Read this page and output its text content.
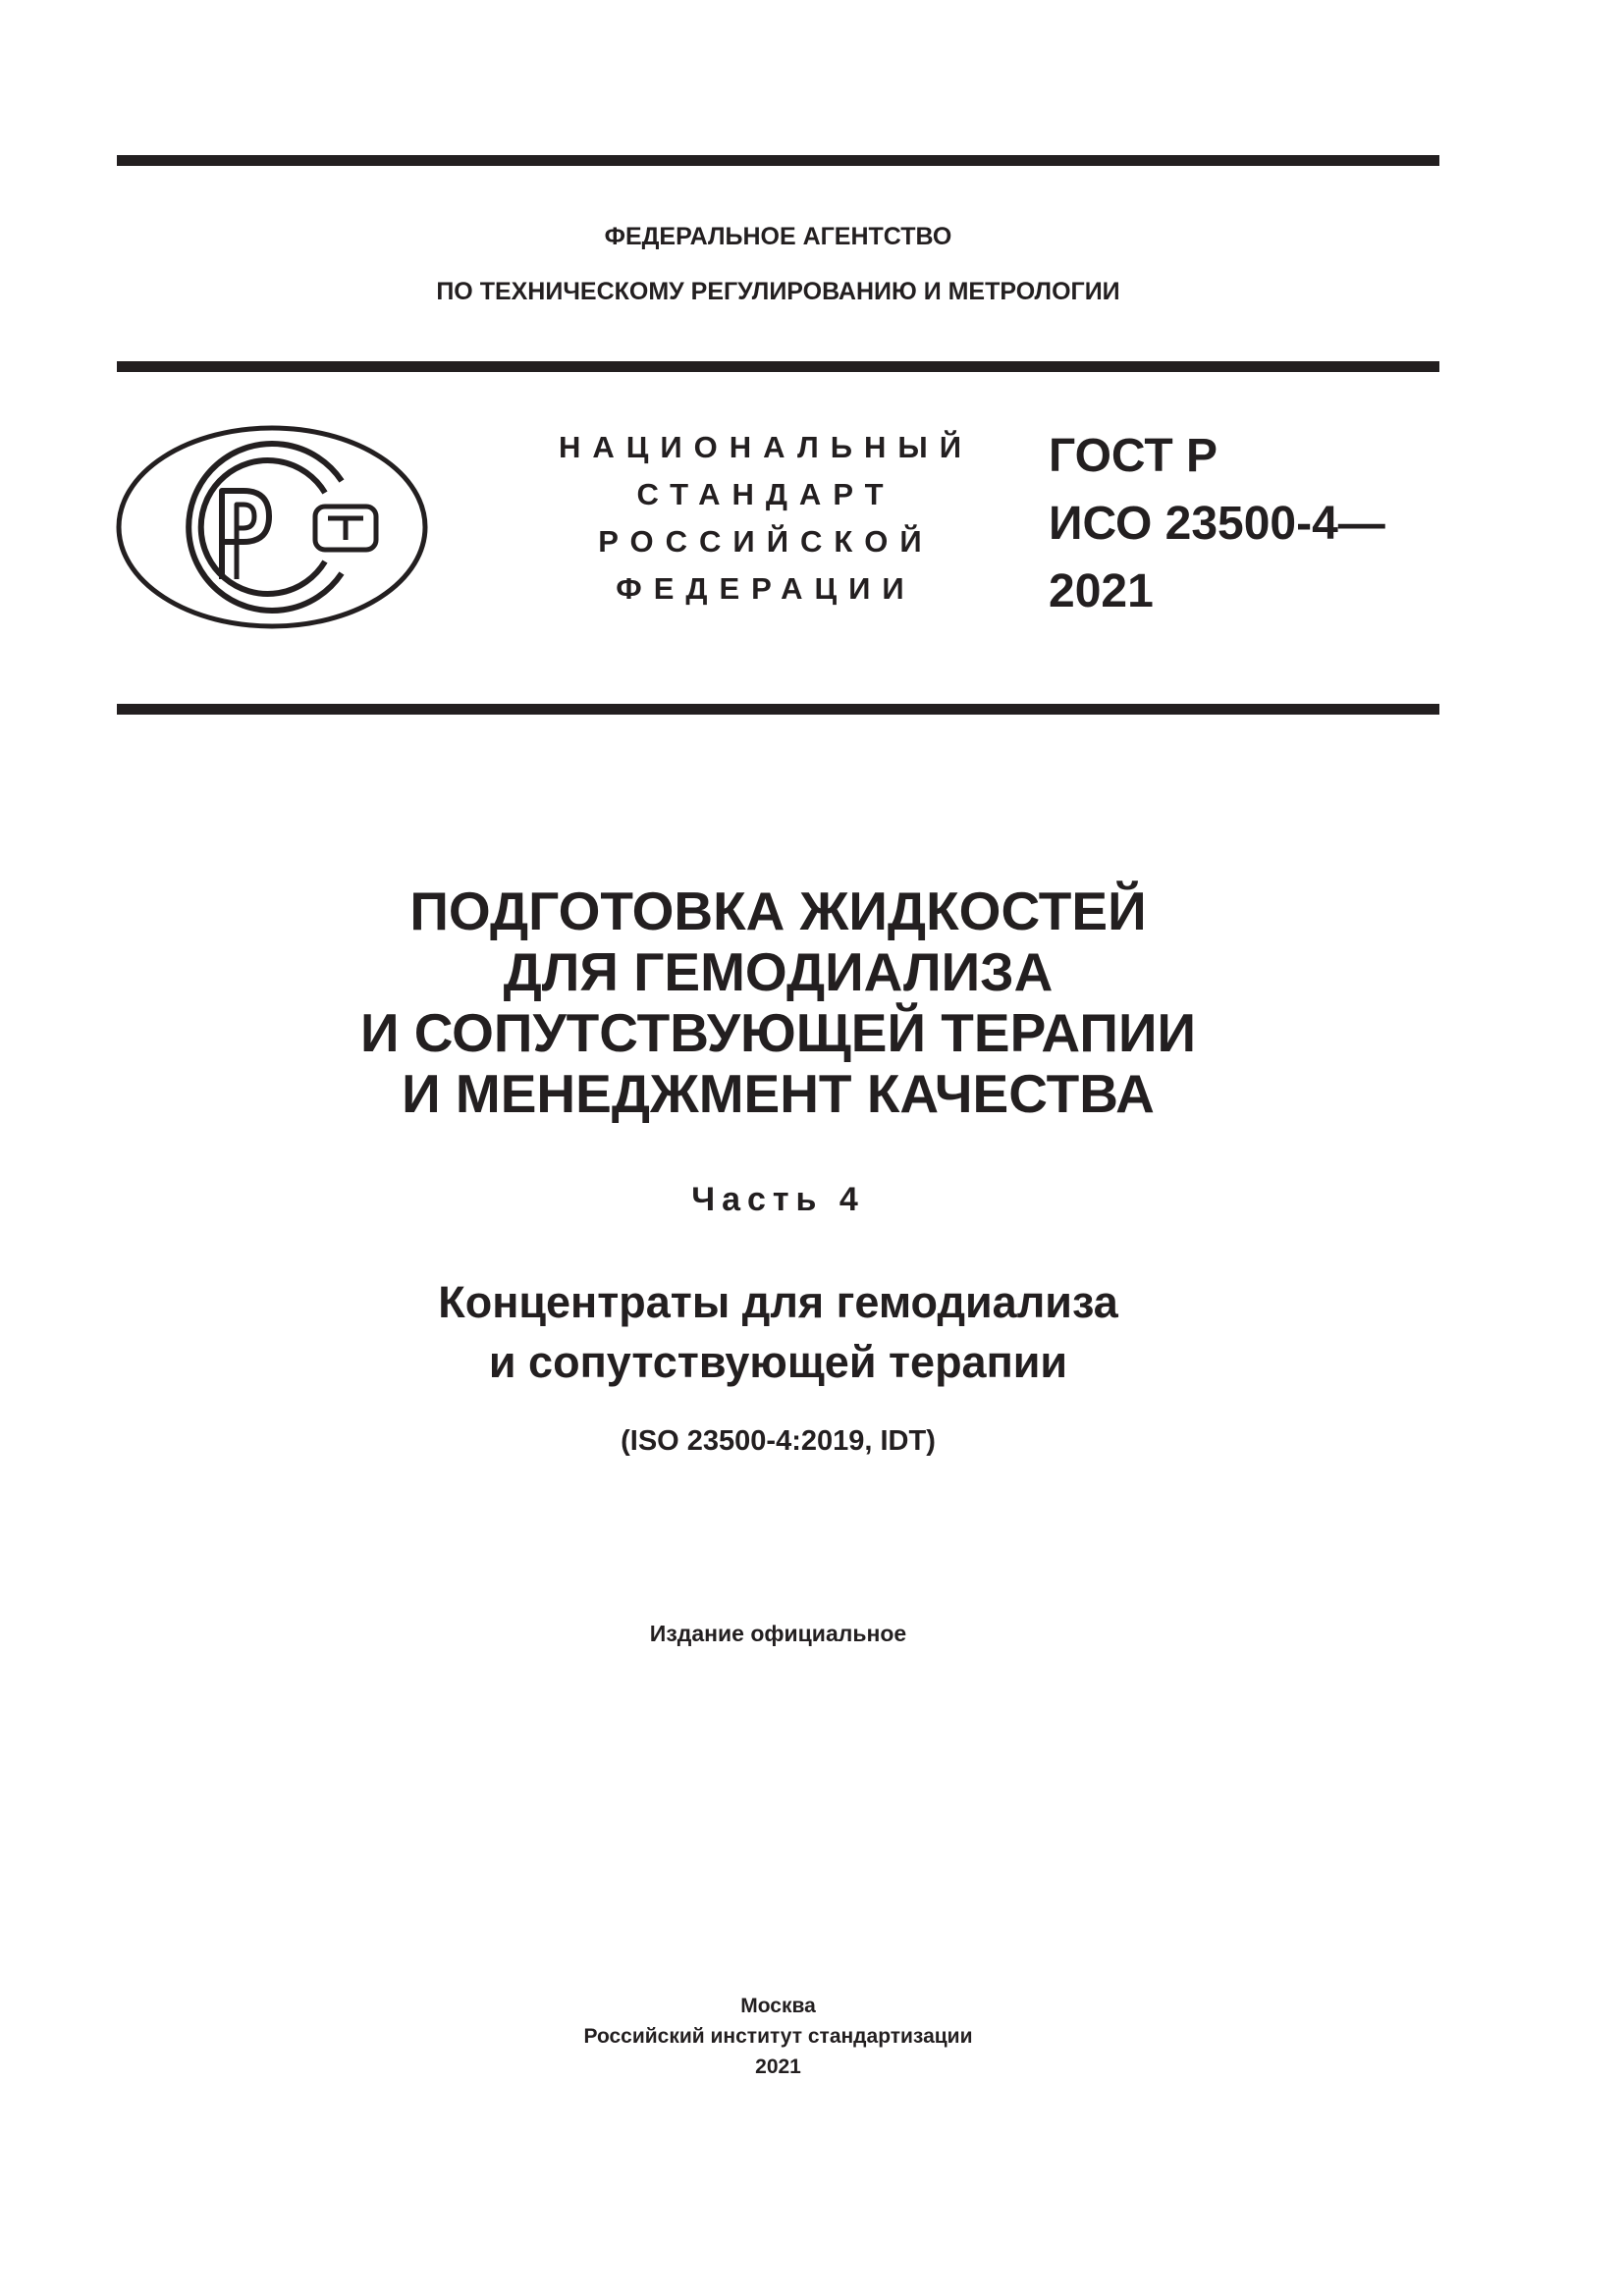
ФЕДЕРАЛЬНОЕ АГЕНТСТВО
ПО ТЕХНИЧЕСКОМУ РЕГУЛИРОВАНИЮ И МЕТРОЛОГИИ
НАЦИОНАЛЬНЫЙ
СТАНДАРТ
РОССИЙСКОЙ
ФЕДЕРАЦИИ
ГОСТ Р
ИСО 23500-4—
2021
ПОДГОТОВКА ЖИДКОСТЕЙ
ДЛЯ ГЕМОДИАЛИЗА
И СОПУТСТВУЮЩЕЙ ТЕРАПИИ
И МЕНЕДЖМЕНТ КАЧЕСТВА
Часть 4
Концентраты для гемодиализа
и сопутствующей терапии
(ISO 23500-4:2019, IDT)
Издание официальное
Москва
Российский институт стандартизации
2021
